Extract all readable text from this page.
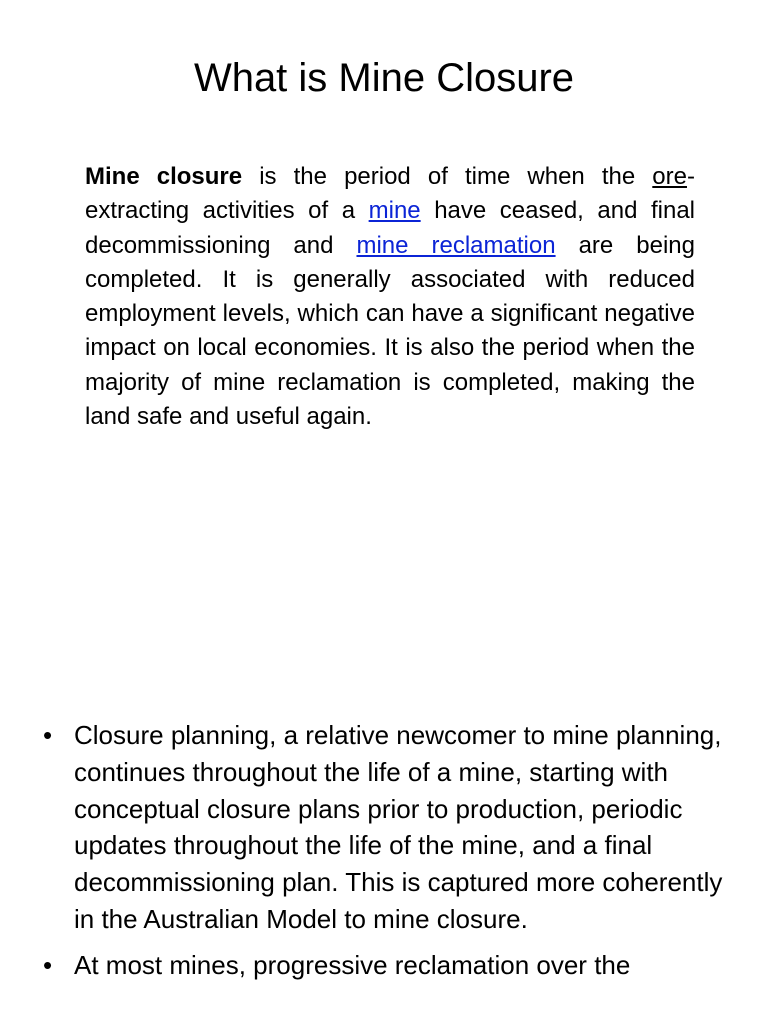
What is Mine Closure

Mine closure is the period of time when the ore-extracting activities of a mine have ceased, and final decommissioning and mine reclamation are being completed. It is generally associated with reduced employment levels, which can have a significant negative impact on local economies. It is also the period when the majority of mine reclamation is completed, making the land safe and useful again.

• Closure planning, a relative newcomer to mine planning, continues throughout the life of a mine, starting with conceptual closure plans prior to production, periodic updates throughout the life of the mine, and a final decommissioning plan. This is captured more coherently in the Australian Model to mine closure.
• At most mines, progressive reclamation over the
